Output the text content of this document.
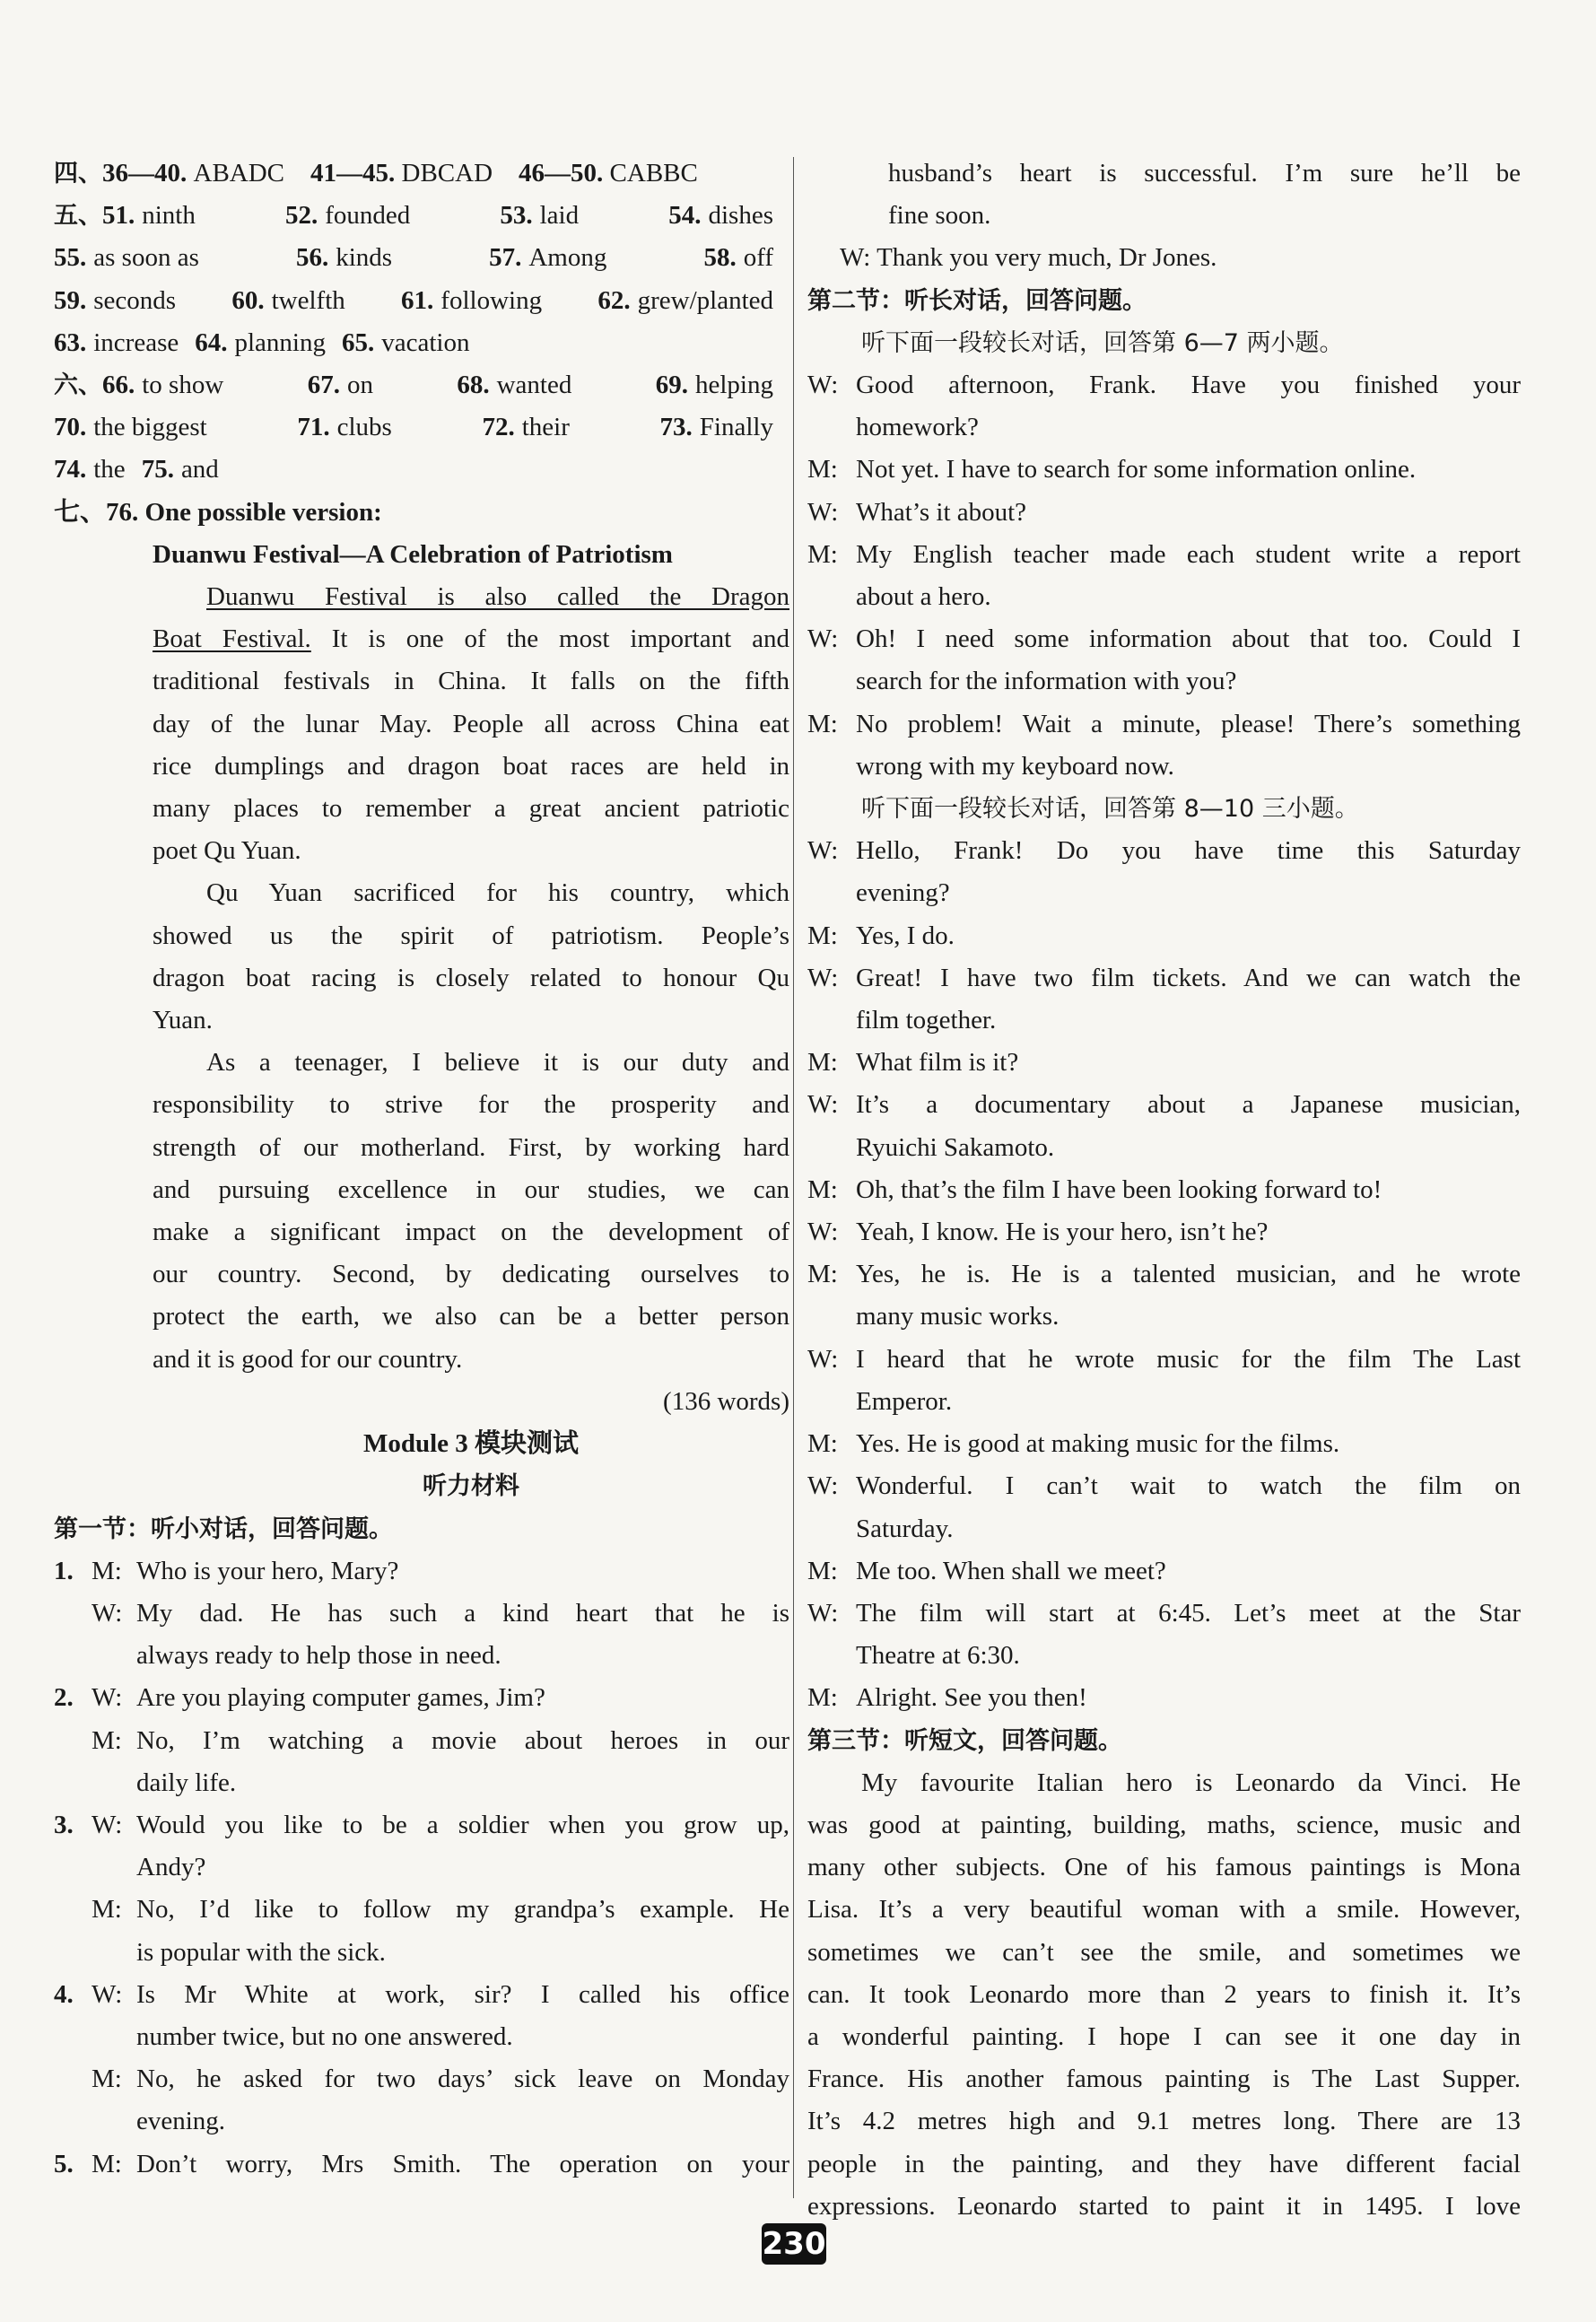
四、36—40. ABADC 41—45. DBCAD 46—50. CABBC
五、51. ninth	52. founded	53. laid	54. dishes
55. as soon as	56. kinds	57. Among	58. off
59. seconds 60. twelfth 61. following 62. grew/planted
63. increase 64. planning 65. vacation
六、66. to show	67. on	68. wanted	69. helping
70. the biggest	71. clubs	72. their	73. Finally
74. the 75. and
七、76. One possible version:
Duanwu Festival—A Celebration of Patriotism
Duanwu Festival is also called the Dragon
Boat Festival. It is one of the most important and
traditional festivals in China. It falls on the fifth
day of the lunar May. People all across China eat
rice dumplings and dragon boat races are held in
many places to remember a great ancient patriotic
poet Qu Yuan.
Qu Yuan sacrificed for his country, which
showed us the spirit of patriotism. People’s
dragon boat racing is closely related to honour Qu
Yuan.
As a teenager, I believe it is our duty and
responsibility to strive for the prosperity and
strength of our motherland. First, by working hard
and pursuing excellence in our studies, we can
make a significant impact on the development of
our country. Second, by dedicating ourselves to
protect the earth, we also can be a better person
and it is good for our country.
(136 words)
Module 3 模块测试
听力材料
第一节：听小对话，回答问题。
1. M: Who is your hero, Mary?
W: My dad. He has such a kind heart that he is
always ready to help those in need.
2. W: Are you playing computer games, Jim?
M: No, I’m watching a movie about heroes in our
daily life.
3. W: Would you like to be a soldier when you grow up,
Andy?
M: No, I’d like to follow my grandpa’s example. He
is popular with the sick.
4. W: Is Mr White at work, sir? I called his office
number twice, but no one answered.
M: No, he asked for two days’ sick leave on Monday
evening.
5. M: Don’t worry, Mrs Smith. The operation on your
husband’s heart is successful. I’m sure he’ll be
fine soon.
W: Thank you very much, Dr Jones.
第二节：听长对话，回答问题。
听下面一段较长对话，回答第 6—7 两小题。
W: Good afternoon, Frank. Have you finished your
homework?
M: Not yet. I have to search for some information online.
W: What’s it about?
M: My English teacher made each student write a report
about a hero.
W: Oh! I need some information about that too. Could I
search for the information with you?
M: No problem! Wait a minute, please! There’s something
wrong with my keyboard now.
听下面一段较长对话，回答第 8—10 三小题。
W: Hello, Frank! Do you have time this Saturday
evening?
M: Yes, I do.
W: Great! I have two film tickets. And we can watch the
film together.
M: What film is it?
W: It’s a documentary about a Japanese musician,
Ryuichi Sakamoto.
M: Oh, that’s the film I have been looking forward to!
W: Yeah, I know. He is your hero, isn’t he?
M: Yes, he is. He is a talented musician, and he wrote
many music works.
W: I heard that he wrote music for the film The Last
Emperor.
M: Yes. He is good at making music for the films.
W: Wonderful. I can’t wait to watch the film on
Saturday.
M: Me too. When shall we meet?
W: The film will start at 6:45. Let’s meet at the Star
Theatre at 6:30.
M: Alright. See you then!
第三节：听短文，回答问题。
My favourite Italian hero is Leonardo da Vinci. He
was good at painting, building, maths, science, music and
many other subjects. One of his famous paintings is Mona
Lisa. It’s a very beautiful woman with a smile. However,
sometimes we can’t see the smile, and sometimes we
can. It took Leonardo more than 2 years to finish it. It’s
a wonderful painting. I hope I can see it one day in
France. His another famous painting is The Last Supper.
It’s 4.2 metres high and 9.1 metres long. There are 13
people in the painting, and they have different facial
expressions. Leonardo started to paint it in 1495. I love
230
